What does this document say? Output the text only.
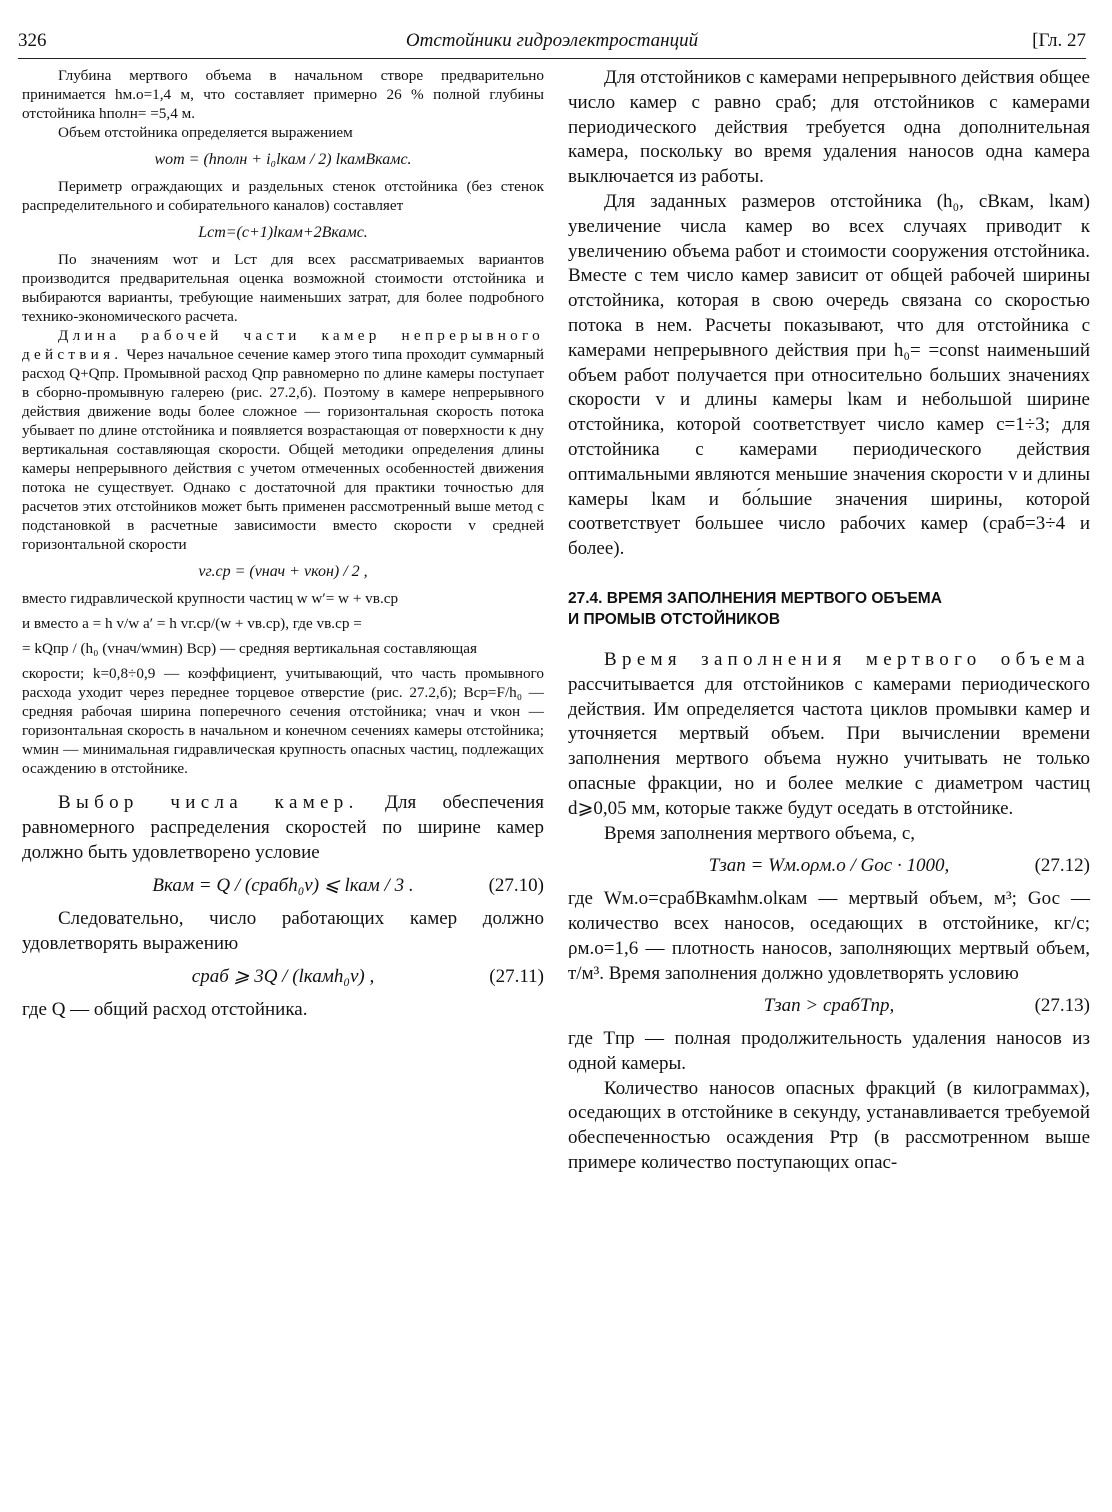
326	Отстойники гидроэлектростанций	[Гл. 27

Глубина мертвого объема в начальном створе предварительно принимается hм.о=1,4 м, что составляет примерно 26 % полной глубины отстойника hполн= =5,4 м.

Объем отстойника определяется выражением

wот = (hполн + i₀lкам / 2) lкамBкамc.

Периметр ограждающих и раздельных стенок отстойника (без стенок распределительного и собирательного каналов) составляет

Lст=(c+1)lкам+2Bкамc.

По значениям wот и Lст для всех рассматриваемых вариантов производится предварительная оценка возможной стоимости отстойника и выбираются варианты, требующие наименьших затрат, для более подробного технико-экономического расчета.

Длина рабочей части камер непрерывного действия. Через начальное сечение камер этого типа проходит суммарный расход Q+Qпр. Промывной расход Qпр равномерно по длине камеры поступает в сборно-промывную галерею (рис. 27.2,б). Поэтому в камере непрерывного действия движение воды более сложное — горизонтальная скорость потока убывает по длине отстойника и появляется возрастающая от поверхности к дну вертикальная составляющая скорости. Общей методики определения длины камеры непрерывного действия с учетом отмеченных особенностей движения потока не существует. Однако с достаточной для практики точностью для расчетов этих отстойников может быть применен рассмотренный выше метод с подстановкой в расчетные зависимости вместо скорости v средней горизонтальной скорости

vг.ср = (vнач + vкон) / 2 ,

вместо гидравлической крупности частиц w w′= w + vв.ср

и вместо a = h v/w a′ = h vг.ср/(w + vв.ср), где vв.ср =

= kQпр / (h₀ (vнач/wмин) Bср) — средняя вертикальная составляющая

скорости; k=0,8÷0,9 — коэффициент, учитывающий, что часть промывного расхода уходит через переднее торцевое отверстие (рис. 27.2,б); Bср=F/h₀ — средняя рабочая ширина поперечного сечения отстойника; vнач и vкон — горизонтальная скорость в начальном и конечном сечениях камеры отстойника; wмин — минимальная гидравлическая крупность опасных частиц, подлежащих осаждению в отстойнике.

Выбор числа камер. Для обеспечения равномерного распределения скоростей по ширине камер должно быть удовлетворено условие

Bкам = Q / (cрабh₀v) ⩽ lкам / 3 .	(27.10)

Следовательно, число работающих камер должно удовлетворять выражению

cраб ⩾ 3Q / (lкамh₀v) ,	(27.11)

где Q — общий расход отстойника.

Для отстойников с камерами непрерывного действия общее число камер c равно cраб; для отстойников с камерами периодического действия требуется одна дополнительная камера, поскольку во время удаления наносов одна камера выключается из работы.

Для заданных размеров отстойника (h₀, cBкам, lкам) увеличение числа камер во всех случаях приводит к увеличению объема работ и стоимости сооружения отстойника. Вместе с тем число камер зависит от общей рабочей ширины отстойника, которая в свою очередь связана со скоростью потока в нем. Расчеты показывают, что для отстойника с камерами непрерывного действия при h₀= =const наименьший объем работ получается при относительно больших значениях скорости v и длины камеры lкам и небольшой ширине отстойника, которой соответствует число камер c=1÷3; для отстойника с камерами периодического действия оптимальными являются меньшие значения скорости v и длины камеры lкам и бо́льшие значения ширины, которой соответствует большее число рабочих камер (cраб=3÷4 и более).

27.4. ВРЕМЯ ЗАПОЛНЕНИЯ МЕРТВОГО ОБЪЕМА
И ПРОМЫВ ОТСТОЙНИКОВ

Время заполнения мертвого объема рассчитывается для отстойников с камерами периодического действия. Им определяется частота циклов промывки камер и уточняется мертвый объем. При вычислении времени заполнения мертвого объема нужно учитывать не только опасные фракции, но и более мелкие с диаметром частиц d⩾0,05 мм, которые также будут оседать в отстойнике.

Время заполнения мертвого объема, с,

Tзап = Wм.оρм.о / Gос · 1000,	(27.12)

где Wм.о=cрабBкамhм.оlкам — мертвый объем, м³; Gос — количество всех наносов, оседающих в отстойнике, кг/с; ρм.о=1,6 — плотность наносов, заполняющих мертвый объем, т/м³. Время заполнения должно удовлетворять условию

Tзап > cрабTпр,	(27.13)

где Tпр — полная продолжительность удаления наносов из одной камеры.

Количество наносов опасных фракций (в килограммах), оседающих в отстойнике в секунду, устанавливается требуемой обеспеченностью осаждения Pтр (в рассмотренном выше примере количество поступающих опас-
